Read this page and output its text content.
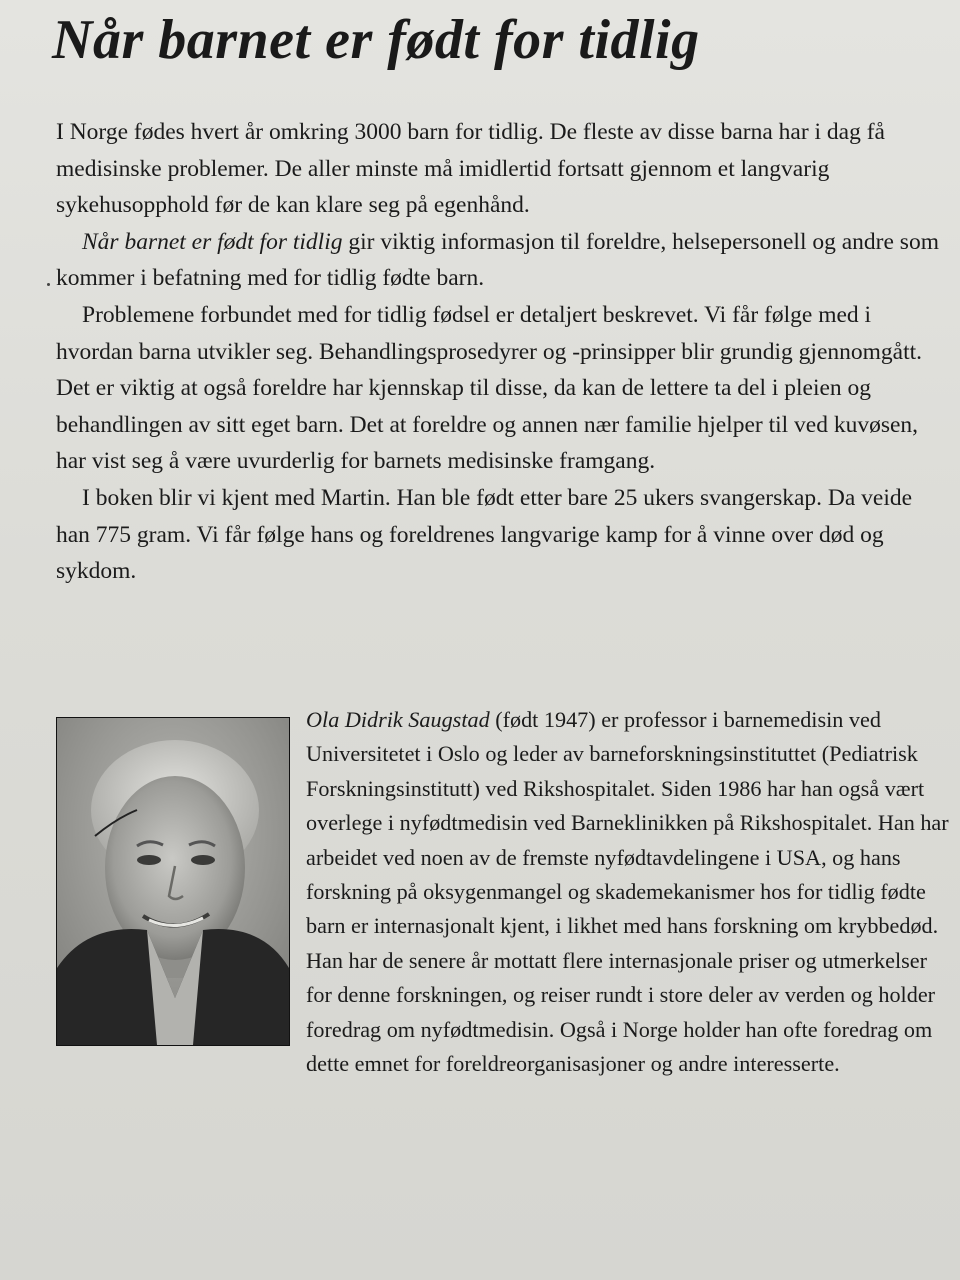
Når barnet er født for tidlig

I Norge fødes hvert år omkring 3000 barn for tidlig. De fleste av disse barna har i dag få medisinske problemer. De aller minste må imidlertid fortsatt gjennom et langvarig sykehusopphold før de kan klare seg på egenhånd.

Når barnet er født for tidlig gir viktig informasjon til foreldre, helsepersonell og andre som kommer i befatning med for tidlig fødte barn.

Problemene forbundet med for tidlig fødsel er detaljert beskrevet. Vi får følge med i hvordan barna utvikler seg. Behandlingsprosedyrer og -prinsipper blir grundig gjennomgått. Det er viktig at også foreldre har kjennskap til disse, da kan de lettere ta del i pleien og behandlingen av sitt eget barn. Det at foreldre og annen nær familie hjelper til ved kuvøsen, har vist seg å være uvurderlig for barnets medisinske framgang.

I boken blir vi kjent med Martin. Han ble født etter bare 25 ukers svangerskap. Da veide han 775 gram. Vi får følge hans og foreldrenes langvarige kamp for å vinne over død og sykdom.

Ola Didrik Saugstad (født 1947) er professor i barnemedisin ved Universitetet i Oslo og leder av barneforskningsinstituttet (Pediatrisk Forskningsinstitutt) ved Rikshospitalet. Siden 1986 har han også vært overlege i nyfødtmedisin ved Barneklinikken på Rikshospitalet. Han har arbeidet ved noen av de fremste nyfødtavdelingene i USA, og hans forskning på oksygenmangel og skademekanismer hos for tidlig fødte barn er internasjonalt kjent, i likhet med hans forskning om krybbedød. Han har de senere år mottatt flere internasjonale priser og utmerkelser for denne forskningen, og reiser rundt i store deler av verden og holder foredrag om nyfødtmedisin. Også i Norge holder han ofte foredrag om dette emnet for foreldreorganisasjoner og andre interesserte.
